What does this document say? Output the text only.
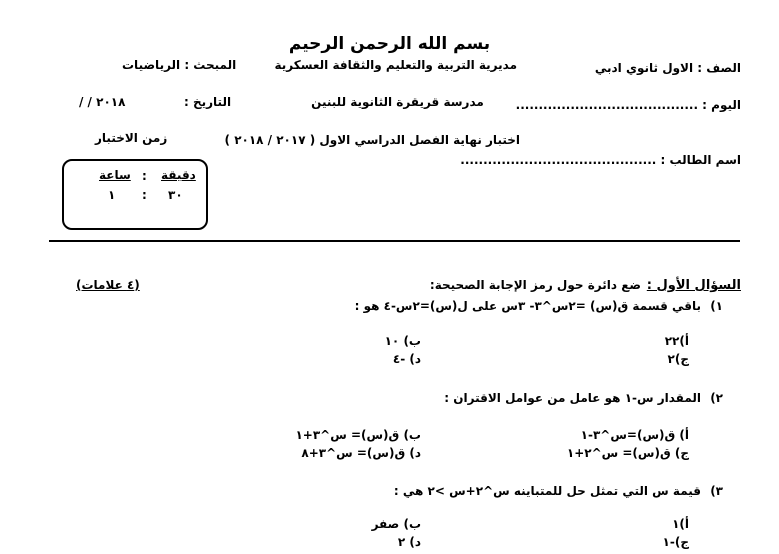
بسم الله الرحمن الرحيم
الصف : الاول ثانوي ادبي
مديرية التربية والتعليم والثقافة العسكرية
المبحث : الرياضيات
اليوم : ........................................
مدرسة قريقرة الثانوية للبنين
التاريخ :
/ / ٢٠١٨
اختبار نهاية الفصل الدراسي الاول ( ٢٠١٧ / ٢٠١٨ )
زمن الاختبار
اسم الطالب : ...........................................
دقيقة
:
ساعة
٣٠
:
١
السؤال الأول :
ضع دائرة حول رمز الإجابة الصحيحة:
(٤ علامات)
١)
باقي قسمة ق(س) =٢س^٣- ٣س على ل(س)=٢س-٤ هو :
أ)٢٢
ب) ١٠
ج)٢
د) -٤
٢)
المقدار س-١ هو عامل من عوامل الاقتران :
أ) ق(س)=س^٣-١
ب) ق(س)= س^٣+١
ج) ق(س)= س^٢+١
د) ق(س)= س^٣+٨
٣)
قيمة س التي تمثل حل للمتباينه س^٢+س >٢ هي :
أ)١
ب) صفر
ج)-١
د) ٢
